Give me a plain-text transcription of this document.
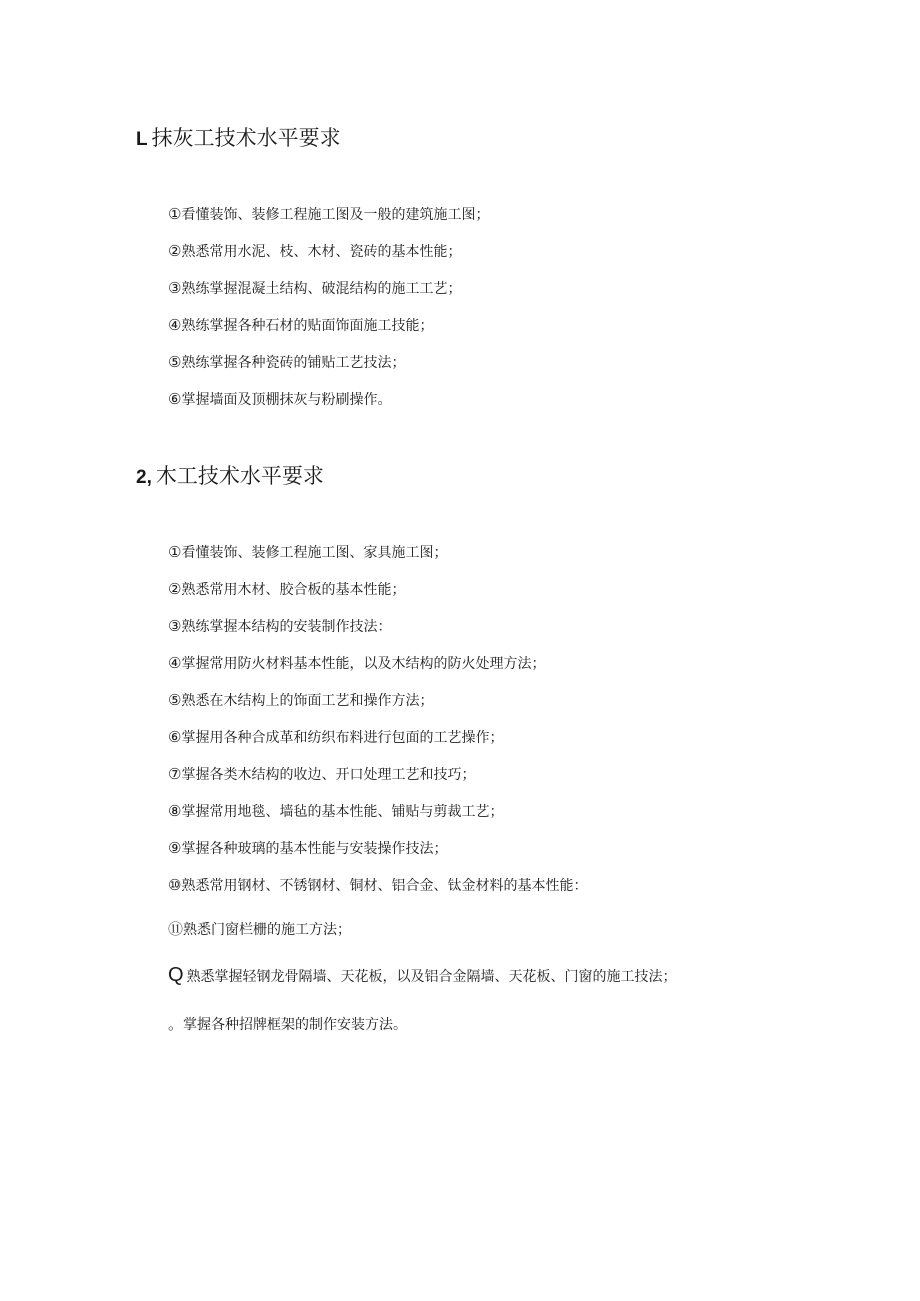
L 抹灰工技术水平要求
①看懂装饰、装修工程施工图及一般的建筑施工图；
②熟悉常用水泥、枝、木材、瓷砖的基本性能；
③熟练掌握混凝土结构、破混结构的施工工艺；
④熟练掌握各种石材的贴面饰面施工技能；
⑤熟练掌握各种瓷砖的铺贴工艺技法；
⑥掌握墙面及顶棚抹灰与粉刷操作。
2, 木工技术水平要求
①看懂装饰、装修工程施工图、家具施工图；
②熟悉常用木材、胶合板的基本性能；
③熟练掌握本结构的安装制作技法：
④掌握常用防火材料基本性能，以及木结构的防火处理方法；
⑤熟悉在木结构上的饰面工艺和操作方法；
⑥掌握用各种合成革和纺织布料进行包面的工艺操作；
⑦掌握各类木结构的收边、开口处理工艺和技巧；
⑧掌握常用地毯、墙毡的基本性能、铺贴与剪裁工艺；
⑨掌握各种玻璃的基本性能与安装操作技法；
⑩熟悉常用钢材、不锈钢材、铜材、铝合金、钛金材料的基本性能：
⑪熟悉门窗栏栅的施工方法；
Q 熟悉掌握轻钢龙骨隔墙、天花板，以及铝合金隔墙、天花板、门窗的施工技法；
。掌握各种招牌框架的制作安装方法。
